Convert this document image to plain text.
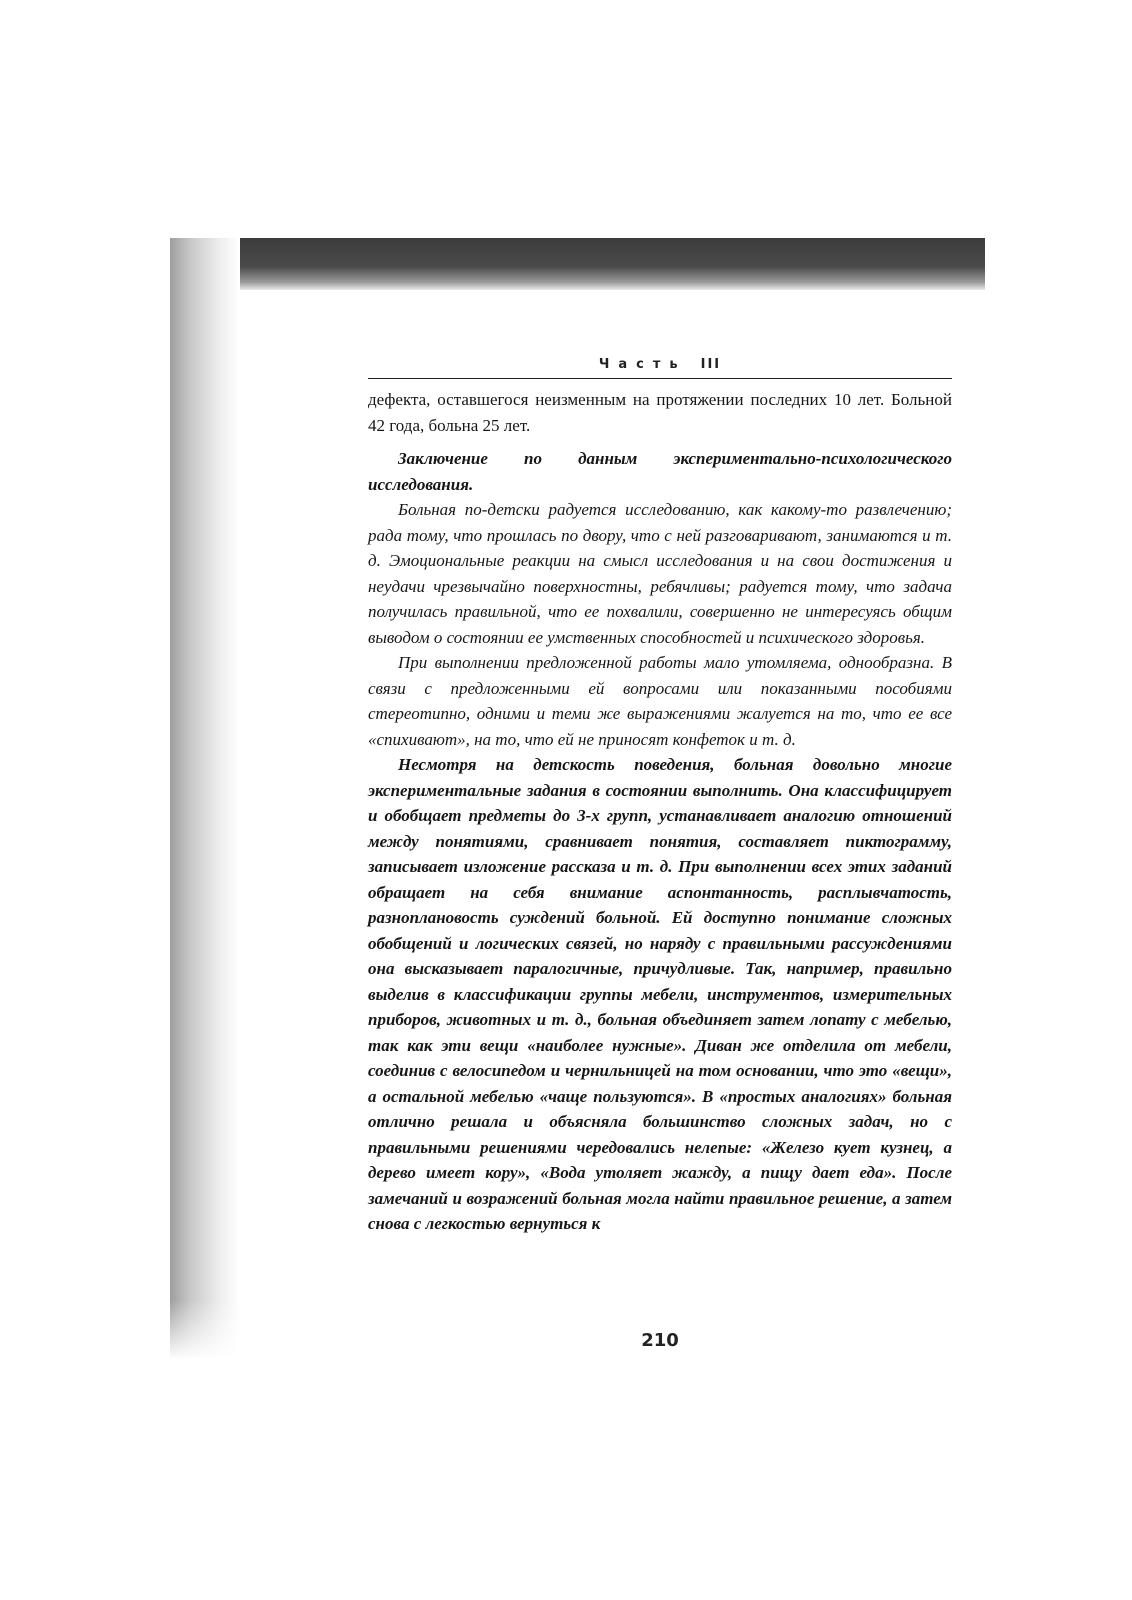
Часть III

дефекта, оставшегося неизменным на протяжении последних 10 лет. Больной 42 года, больна 25 лет.

Заключение по данным экспериментально-психологического исследования.

Больная по-детски радуется исследованию, как какому-то развлечению; рада тому, что прошлась по двору, что с ней разговаривают, занимаются и т. д. Эмоциональные реакции на смысл исследования и на свои достижения и неудачи чрезвычайно поверхностны, ребячливы; радуется тому, что задача получилась правильной, что ее похвалили, совершенно не интересуясь общим выводом о состоянии ее умственных способностей и психического здоровья.

При выполнении предложенной работы мало утомляема, однообразна. В связи с предложенными ей вопросами или показанными пособиями стереотипно, одними и теми же выражениями жалуется на то, что ее все «спихивают», на то, что ей не приносят конфеток и т. д.

Несмотря на детскость поведения, больная довольно многие экспериментальные задания в состоянии выполнить. Она классифицирует и обобщает предметы до 3-х групп, устанавливает аналогию отношений между понятиями, сравнивает понятия, составляет пиктограмму, записывает изложение рассказа и т. д. При выполнении всех этих заданий обращает на себя внимание аспонтанность, расплывчатость, разноплановость суждений больной. Ей доступно понимание сложных обобщений и логических связей, но наряду с правильными рассуждениями она высказывает паралогичные, причудливые. Так, например, правильно выделив в классификации группы мебели, инструментов, измерительных приборов, животных и т. д., больная объединяет затем лопату с мебелью, так как эти вещи «наиболее нужные». Диван же отделила от мебели, соединив с велосипедом и чернильницей на том основании, что это «вещи», а остальной мебелью «чаще пользуются». В «простых аналогиях» больная отлично решала и объясняла большинство сложных задач, но с правильными решениями чередовались нелепые: «Железо кует кузнец, а дерево имеет кору», «Вода утоляет жажду, а пищу дает еда». После замечаний и возражений больная могла найти правильное решение, а затем снова с легкостью вернуться к

210
